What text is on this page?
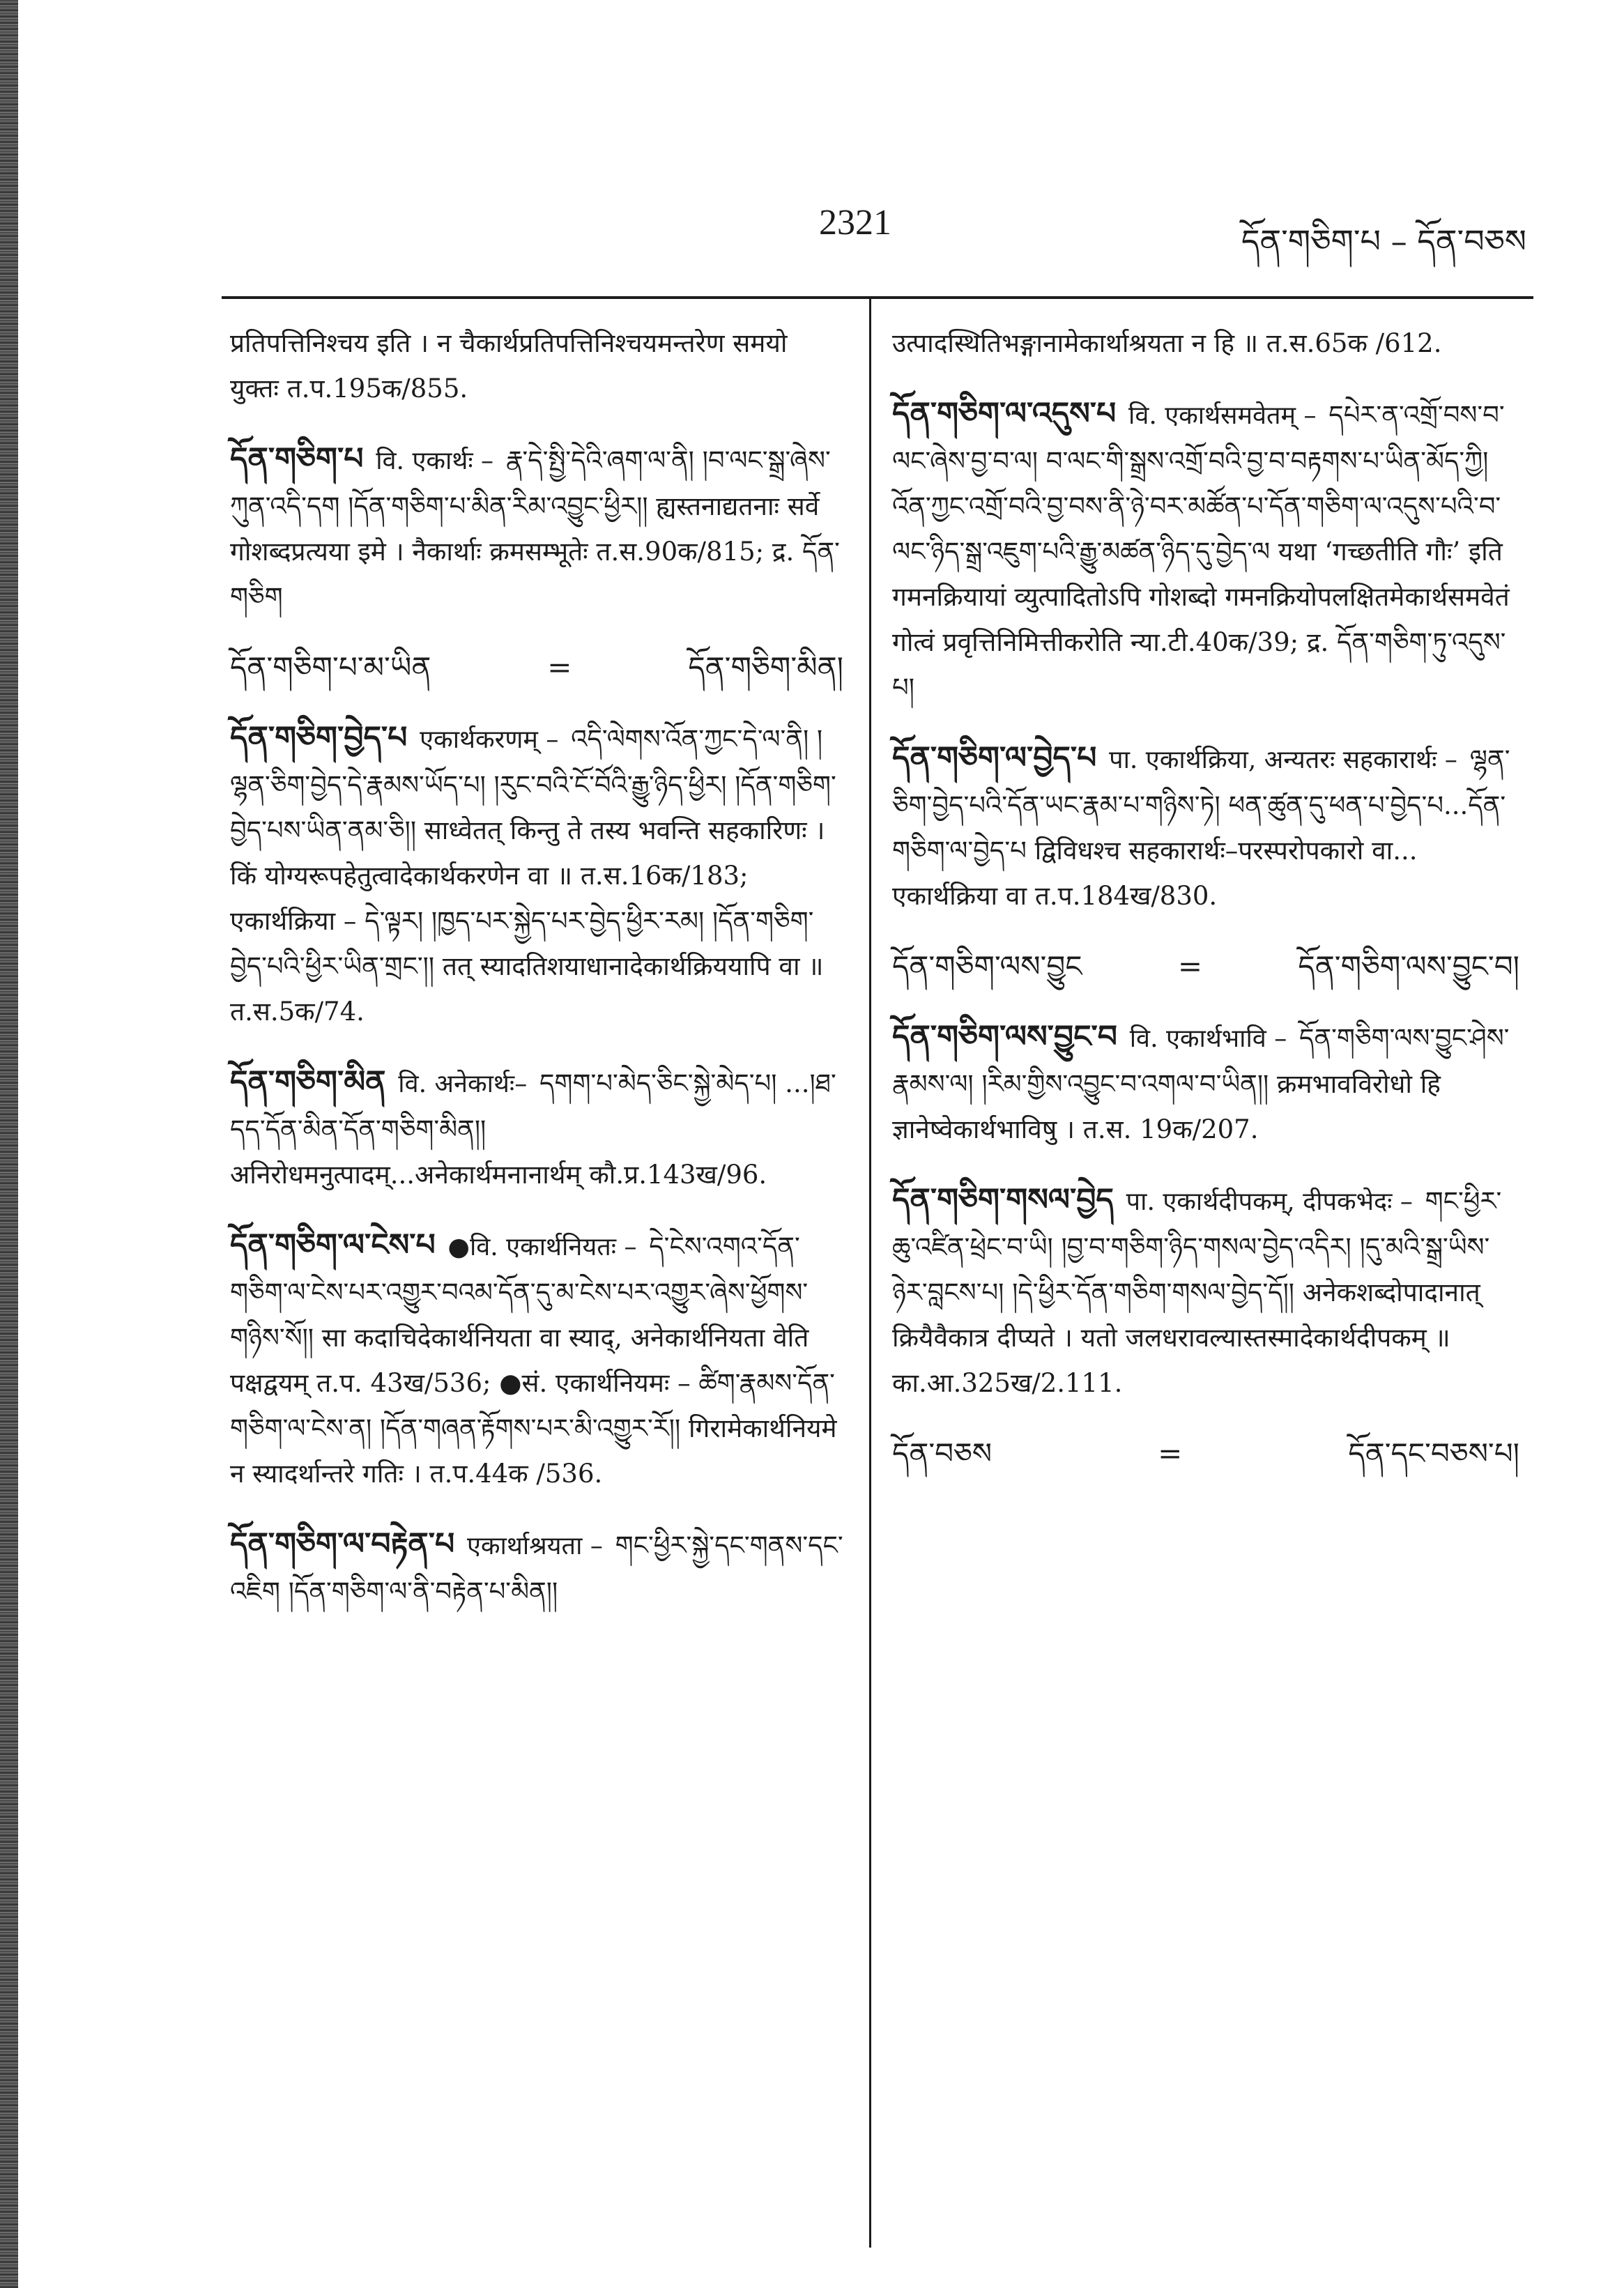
2321	དོན་གཅིག་པ – དོན་བཅས

प्रतिपत्तिनिश्चय इति । न चैकार्थप्रतिपत्तिनिश्चयमन्तरेण समयो युक्तः त.प.195क/855.

དོན་གཅིག་པ वि. एकार्थः – རྣ་དེ་སྤྱི་དེའི་ཞག་ལ་ནི། །བ་ལང་སྒྲ་ཞེས་ཀུན་འདི་དག །དོན་གཅིག་པ་མིན་རིམ་འབྱུང་ཕྱིར།། ह्यस्तनाद्यतनाः सर्वे गोशब्दप्रत्यया इमे । नैकार्थाः क्रमसम्भूतेः त.स.90क/815; द्र. དོན་གཅིག
དོན་གཅིག་པ་མ་ཡིན	=	དོན་གཅིག་མིན།
དོན་གཅིག་བྱེད་པ एकार्थकरणम् – འདི་ལེགས་འོན་ཀྱང་དེ་ལ་ནི། །ལྷན་ཅིག་བྱེད་དེ་རྣམས་ཡོད་པ། །རུང་བའི་ངོ་བོའི་རྒྱུ་ཉིད་ཕྱིར། །དོན་གཅིག་བྱེད་པས་ཡིན་ནམ་ཅི།། साध्वेतत् किन्तु ते तस्य भवन्ति सहकारिणः । किं योग्यरूपहेतुत्वादेकार्थकरणेन वा ॥ त.स.16क/183; एकार्थक्रिया – དེ་ལྟར། །ཁྱད་པར་སྐྱེད་པར་བྱེད་ཕྱིར་རམ། །དོན་གཅིག་བྱེད་པའི་ཕྱིར་ཡིན་གྲང་།། तत् स्यादतिशयाधानादेकार्थक्रिययापि वा ॥ त.स.5क/74.
དོན་གཅིག་མིན वि. अनेकार्थः– དགག་པ་མེད་ཅིང་སྐྱེ་མེད་པ། ...།ཐ་དད་དོན་མིན་དོན་གཅིག་མིན།། अनिरोधमनुत्पादम्...अनेकार्थमनानार्थम् कौ.प्र.143ख/96.
དོན་གཅིག་ལ་ངེས་པ ●वि. एकार्थनियतः – དེ་ངེས་འགའ་དོན་གཅིག་ལ་ངེས་པར་འགྱུར་བའམ་དོན་དུ་མ་ངེས་པར་འགྱུར་ཞེས་ཕྱོགས་གཉིས་སོ།། सा कदाचिदेकार्थनियता वा स्याद्, अनेकार्थनियता वेति पक्षद्वयम् त.प. 43ख/536; ●सं. एकार्थनियमः – ཚིག་རྣམས་དོན་གཅིག་ལ་ངེས་ན། །དོན་གཞན་རྟོགས་པར་མི་འགྱུར་རོ།། गिरामेकार्थनियमे न स्यादर्थान्तरे गतिः । त.प.44क /536.
དོན་གཅིག་ལ་བརྟེན་པ एकार्थाश्रयता – གང་ཕྱིར་སྐྱེ་དང་གནས་དང་འཇིག །དོན་གཅིག་ལ་ནི་བརྟེན་པ་མིན།།

उत्पादस्थितिभङ्गानामेकार्थाश्रयता न हि ॥ त.स.65क /612.

དོན་གཅིག་ལ་འདུས་པ वि. एकार्थसमवेतम् – དཔེར་ན་འགྲོ་བས་བ་ལང་ཞེས་བྱ་བ་ལ། བ་ལང་གི་སྒྲས་འགྲོ་བའི་བྱ་བ་བརྟགས་པ་ཡིན་མོད་ཀྱི། འོན་ཀྱང་འགྲོ་བའི་བྱ་བས་ནི་ཉེ་བར་མཚོན་པ་དོན་གཅིག་ལ་འདུས་པའི་བ་ལང་ཉིད་སྒྲ་འཇུག་པའི་རྒྱུ་མཚན་ཉིད་དུ་བྱེད་ལ यथा ‘गच्छतीति गौः’ इति गमनक्रियायां व्युत्पादितोऽपि गोशब्दो गमनक्रियोपलक्षितमेकार्थसमवेतं गोत्वं प्रवृत्तिनिमित्तीकरोति न्या.टी.40क/39; द्र. དོན་གཅིག་ཏུ་འདུས་པ།
དོན་གཅིག་ལ་བྱེད་པ पा. एकार्थक्रिया, अन्यतरः सहकारार्थः – ལྷན་ཅིག་བྱེད་པའི་དོན་ཡང་རྣམ་པ་གཉིས་ཏེ། ཕན་ཚུན་དུ་ཕན་པ་བྱེད་པ...དོན་གཅིག་ལ་བྱེད་པ द्विविधश्च सहकारार्थः–परस्परोपकारो वा... एकार्थक्रिया वा त.प.184ख/830.
དོན་གཅིག་ལས་བྱུང	=	དོན་གཅིག་ལས་བྱུང་བ།
དོན་གཅིག་ལས་བྱུང་བ वि. एकार्थभावि – དོན་གཅིག་ལས་བྱུང་ཤེས་རྣམས་ལ། །རིམ་གྱིས་འབྱུང་བ་འགལ་བ་ཡིན།། क्रमभावविरोधो हि ज्ञानेष्वेकार्थभाविषु । त.स. 19क/207.
དོན་གཅིག་གསལ་བྱེད पा. एकार्थदीपकम्, दीपकभेदः – གང་ཕྱིར་ཆུ་འཛིན་ཕྲེང་བ་ཡི། །བྱ་བ་གཅིག་ཉིད་གསལ་བྱེད་འདིར། །དུ་མའི་སྒྲ་ཡིས་ཉེར་བླངས་པ། །དེ་ཕྱིར་དོན་གཅིག་གསལ་བྱེད་དོ།། अनेकशब्दोपादानात् क्रियैवैकात्र दीप्यते । यतो जलधरावल्यास्तस्मादेकार्थदीपकम् ॥ का.आ.325ख/2.111.
དོན་བཅས	=	དོན་དང་བཅས་པ།
